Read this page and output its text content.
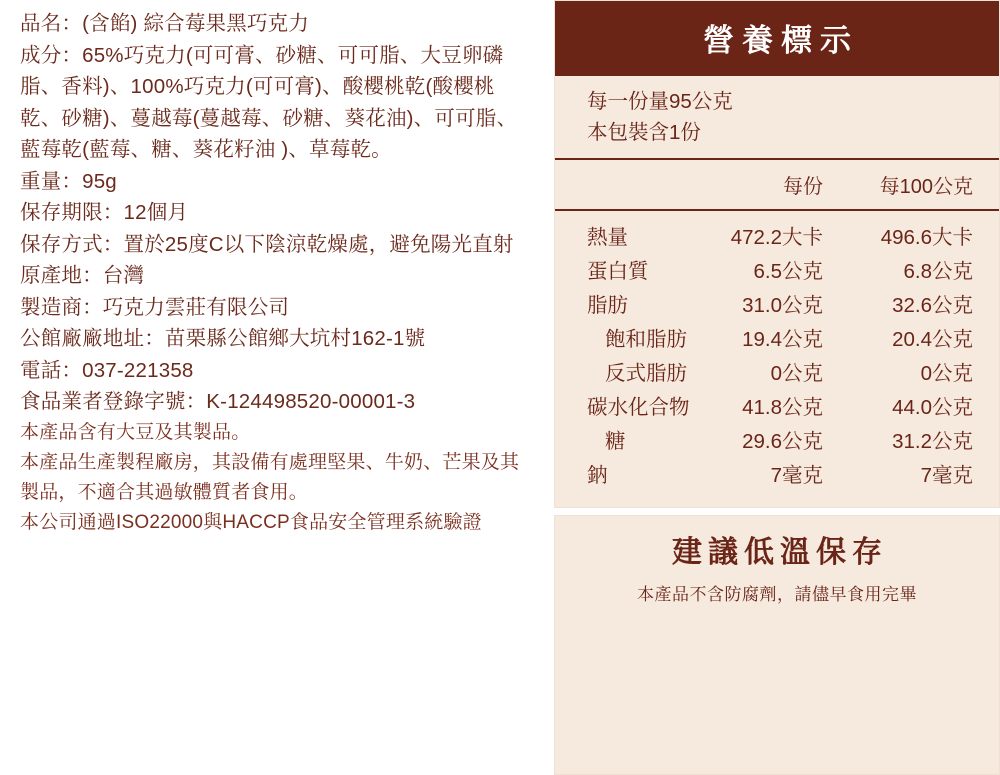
品名：(含餡) 綜合莓果黑巧克力
成分：65%巧克力(可可膏、砂糖、可可脂、大豆卵磷脂、香料)、100%巧克力(可可膏)、酸櫻桃乾(酸櫻桃乾、砂糖)、蔓越莓(蔓越莓、砂糖、葵花油)、可可脂、藍莓乾(藍莓、糖、葵花籽油 )、草莓乾。
重量：95g
保存期限：12個月
保存方式：置於25度C以下陰涼乾燥處，避免陽光直射
原產地：台灣
製造商：巧克力雲莊有限公司
公館廠廠地址：苗栗縣公館鄉大坑村162-1號
電話：037-221358
食品業者登錄字號：K-124498520-00001-3
本產品含有大豆及其製品。
本產品生產製程廠房，其設備有處理堅果、牛奶、芒果及其製品，不適合其過敏體質者食用。
本公司通過ISO22000與HACCP食品安全管理系統驗證
營養標示
每一份量95公克
本包裝含1份
每份	每100公克
熱量	472.2大卡	496.6大卡
蛋白質	6.5公克	6.8公克
脂肪	31.0公克	32.6公克
飽和脂肪	19.4公克	20.4公克
反式脂肪	0公克	0公克
碳水化合物	41.8公克	44.0公克
糖	29.6公克	31.2公克
鈉	7毫克	7毫克
建議低溫保存
本產品不含防腐劑，請儘早食用完畢
